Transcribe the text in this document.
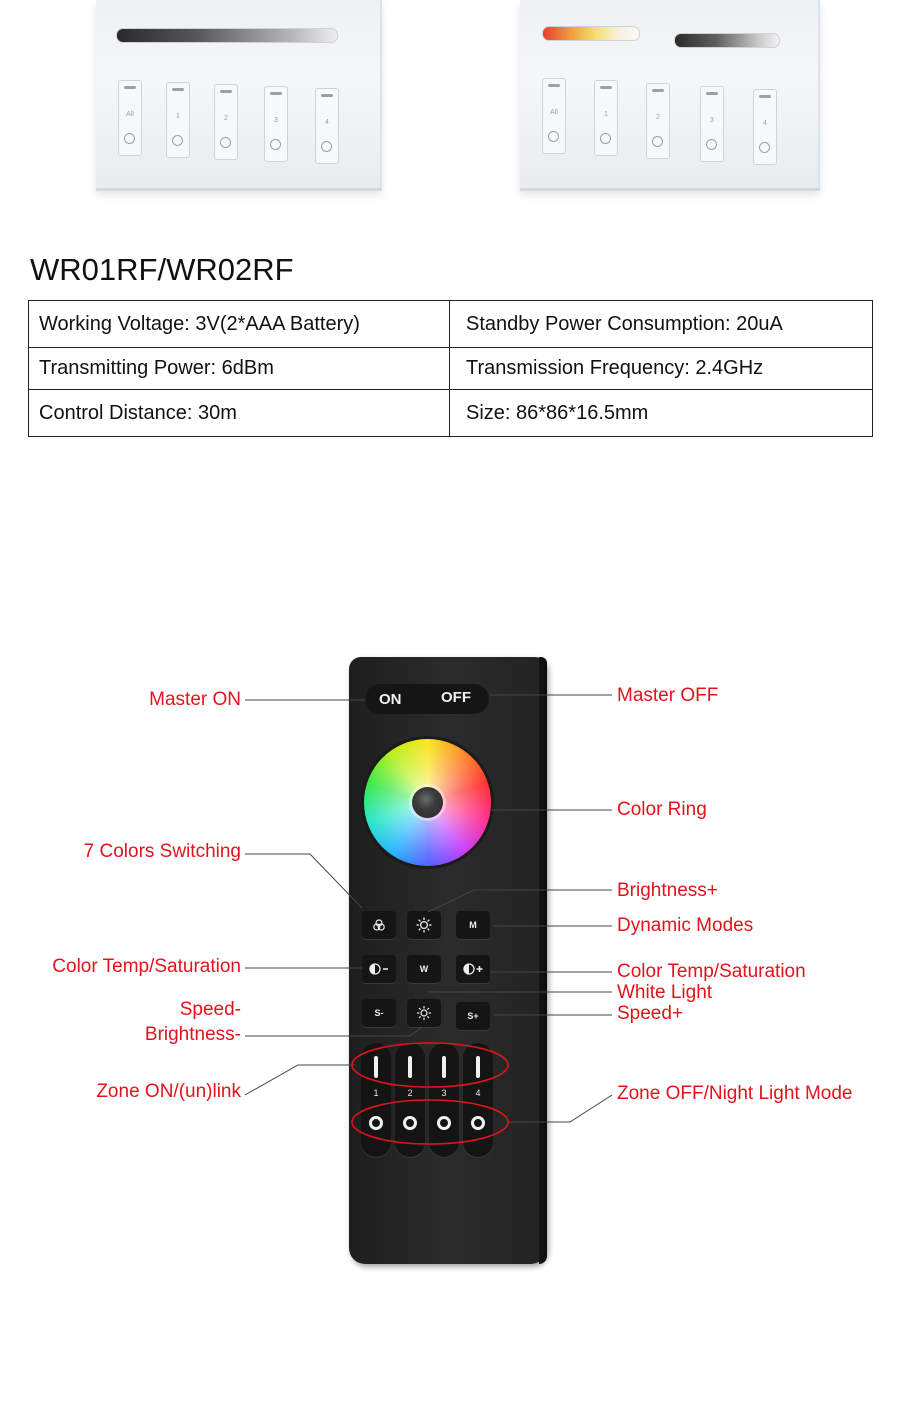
All	1	2	3	4
All	1	2	3	4
WR01RF/WR02RF
Working Voltage: 3V(2*AAA Battery)	Standby Power Consumption: 20uA
Transmitting Power: 6dBm	Transmission Frequency: 2.4GHz
Control Distance: 30m	Size: 86*86*16.5mm
ON	OFF
M
W
S-	S+
1	2	3	4
Master ON	Master OFF
Color Ring
7 Colors Switching
Brightness+
Dynamic Modes
Color Temp/Saturation	Color Temp/Saturation
White Light
Speed-	Speed+
Brightness-
Zone ON/(un)link	Zone OFF/Night Light Mode
